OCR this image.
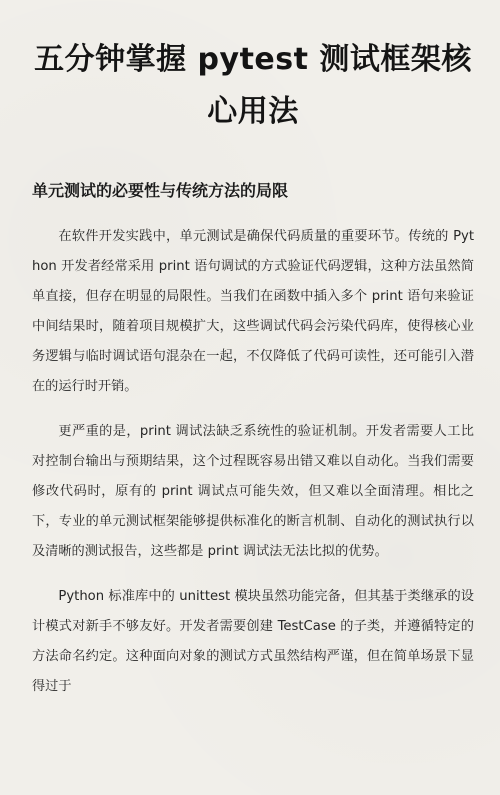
五分钟掌握 pytest 测试框架核心用法
单元测试的必要性与传统方法的局限

在软件开发实践中，单元测试是确保代码质量的重要环节。传统的 Python 开发者经常采用 print 语句调试的方式验证代码逻辑，这种方法虽然简单直接，但存在明显的局限性。当我们在函数中插入多个 print 语句来验证中间结果时，随着项目规模扩大，这些调试代码会污染代码库，使得核心业务逻辑与临时调试语句混杂在一起，不仅降低了代码可读性，还可能引入潜在的运行时开销。

更严重的是，print 调试法缺乏系统性的验证机制。开发者需要人工比对控制台输出与预期结果，这个过程既容易出错又难以自动化。当我们需要修改代码时，原有的 print 调试点可能失效，但又难以全面清理。相比之下，专业的单元测试框架能够提供标准化的断言机制、自动化的测试执行以及清晰的测试报告，这些都是 print 调试法无法比拟的优势。

Python 标准库中的 unittest 模块虽然功能完备，但其基于类继承的设计模式对新手不够友好。开发者需要创建 TestCase 的子类，并遵循特定的方法命名约定。这种面向对象的测试方式虽然结构严谨，但在简单场景下显得过于
